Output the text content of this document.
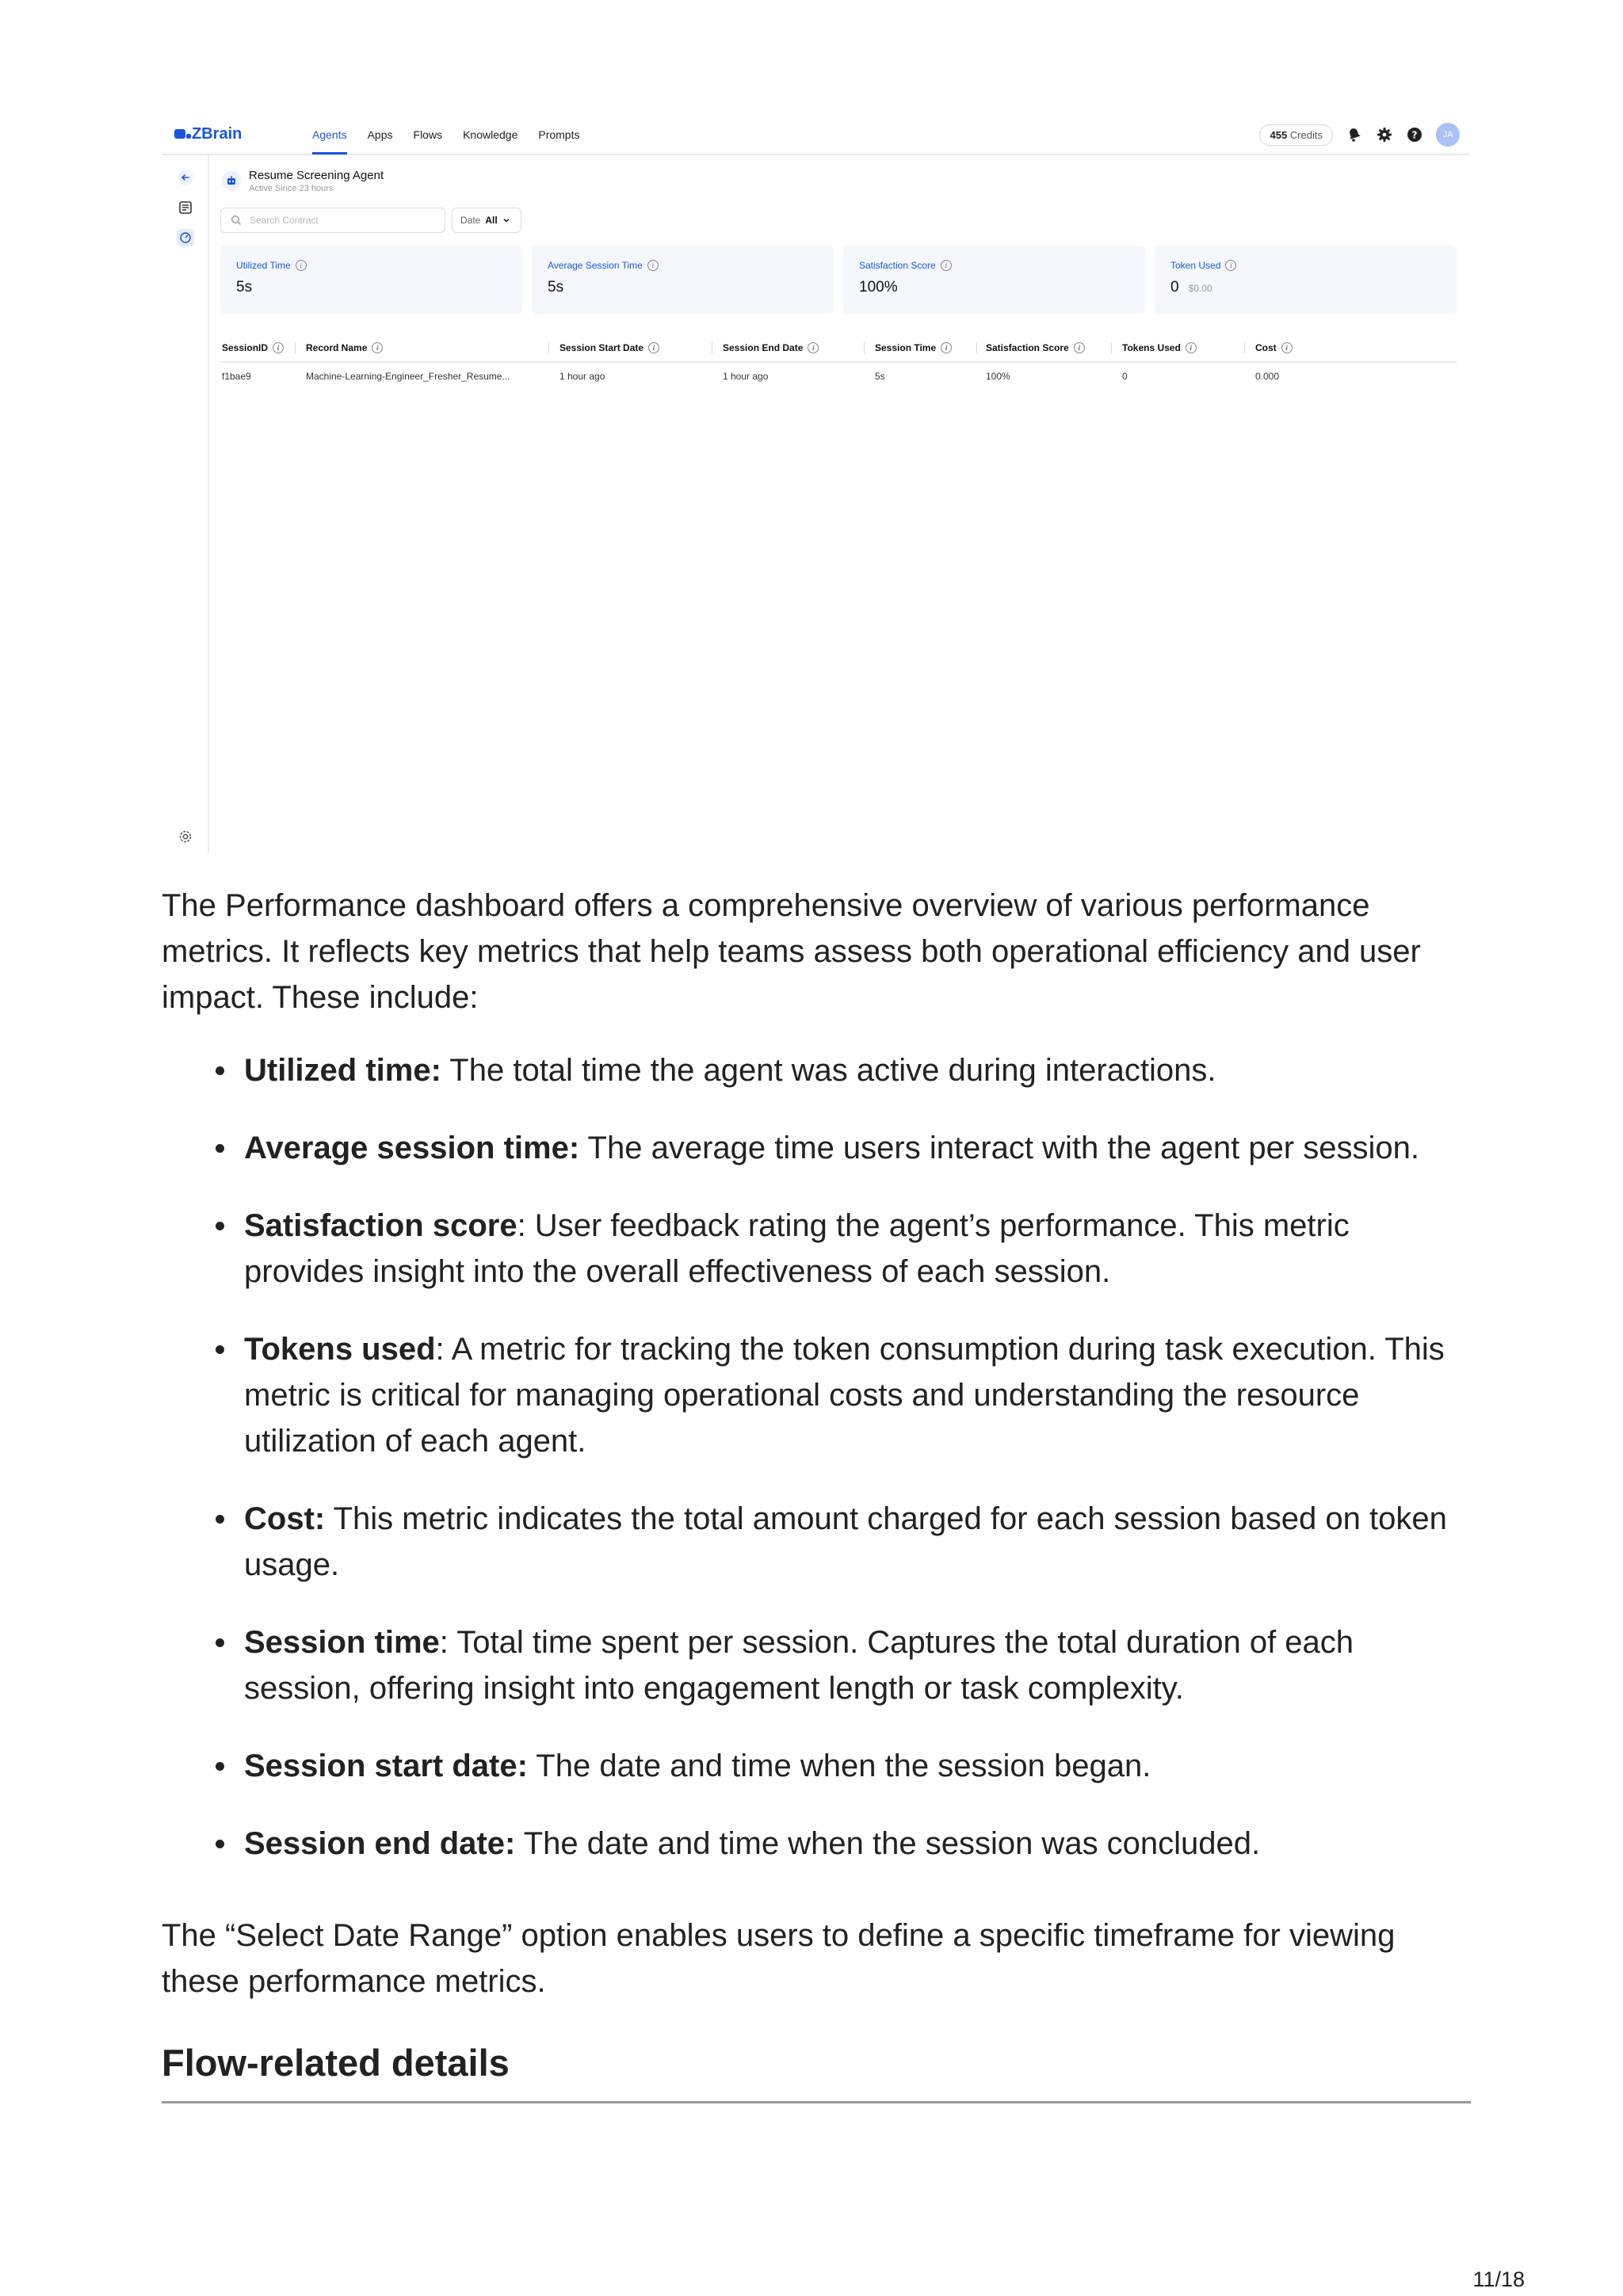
ZBrain	Agents Apps Flows Knowledge Prompts	455 Credits	?	JA
Resume Screening Agent
Active Since 23 hours
Search Contract
Date All
Utilized Time	i
5s
Average Session Time	i
5s
Satisfaction Score	i
100%
Token Used	i
0 $0.00
SessionID	i	Record Name	i	Session Start Date	i	Session End Date	i	Session Time	i	Satisfaction Score	i	Tokens Used	i	Cost	i
f1bae9	Machine-Learning-Engineer_Fresher_Resume...	1 hour ago	1 hour ago	5s	100%	0	0.000

The Performance dashboard offers a comprehensive overview of various performance metrics. It reflects key metrics that help teams assess both operational efficiency and user impact. These include:

Utilized time: The total time the agent was active during interactions.
Average session time: The average time users interact with the agent per session.
Satisfaction score: User feedback rating the agent’s performance. This metric provides insight into the overall effectiveness of each session.
Tokens used: A metric for tracking the token consumption during task execution. This metric is critical for managing operational costs and understanding the resource utilization of each agent.
Cost: This metric indicates the total amount charged for each session based on token usage.
Session time: Total time spent per session. Captures the total duration of each session, offering insight into engagement length or task complexity.
Session start date: The date and time when the session began.
Session end date: The date and time when the session was concluded.

The “Select Date Range” option enables users to define a specific timeframe for viewing these performance metrics.

Flow-related details
11/18
